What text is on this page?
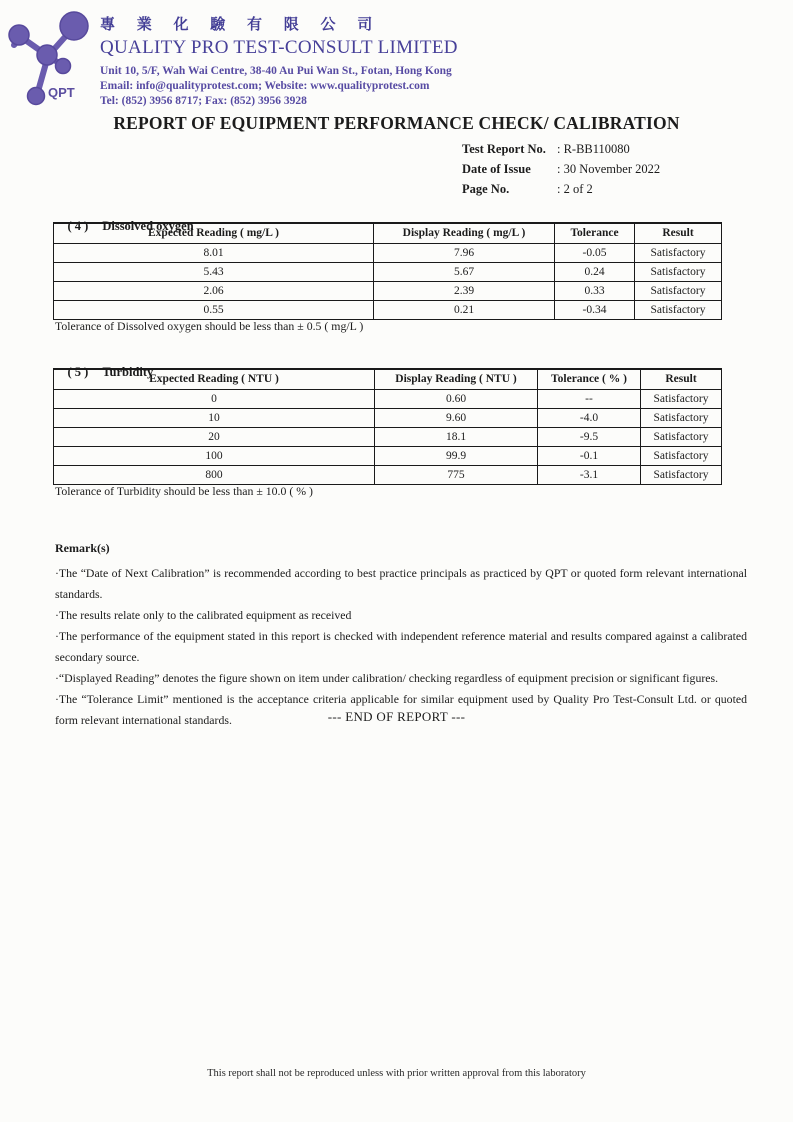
QPT
專 業 化 驗 有 限 公 司
QUALITY PRO TEST-CONSULT LIMITED
Unit 10, 5/F, Wah Wai Centre, 38-40 Au Pui Wan St., Fotan, Hong Kong
Email: info@qualityprotest.com; Website: www.qualityprotest.com
Tel: (852) 3956 8717; Fax: (852) 3956 3928
REPORT OF EQUIPMENT PERFORMANCE CHECK/ CALIBRATION
Test Report No. : R-BB110080
Date of Issue	: 30 November 2022
Page No.	: 2 of 2

( 4 ) Dissolved oxygen

Expected Reading ( mg/L )	Display Reading ( mg/L )	Tolerance	Result
8.01	7.96	-0.05	Satisfactory
5.43	5.67	0.24	Satisfactory
2.06	2.39	0.33	Satisfactory
0.55	0.21	-0.34	Satisfactory
Tolerance of Dissolved oxygen should be less than ± 0.5 ( mg/L )

( 5 ) Turbidity

Expected Reading ( NTU )	Display Reading ( NTU )	Tolerance ( % )	Result
0	0.60	--	Satisfactory
10	9.60	-4.0	Satisfactory
20	18.1	-9.5	Satisfactory
100	99.9	-0.1	Satisfactory
800	775	-3.1	Satisfactory
Tolerance of Turbidity should be less than ± 10.0 ( % )
Remark(s)
·The “Date of Next Calibration” is recommended according to best practice principals as practiced by QPT or quoted form relevant international standards.
·The results relate only to the calibrated equipment as received
·The performance of the equipment stated in this report is checked with independent reference material and results compared against a calibrated secondary source.
·“Displayed Reading” denotes the figure shown on item under calibration/ checking regardless of equipment precision or significant figures.
·The “Tolerance Limit” mentioned is the acceptance criteria applicable for similar equipment used by Quality Pro Test-Consult Ltd. or quoted form relevant international standards.	--- END OF REPORT ---
This report shall not be reproduced unless with prior written approval from this laboratory
